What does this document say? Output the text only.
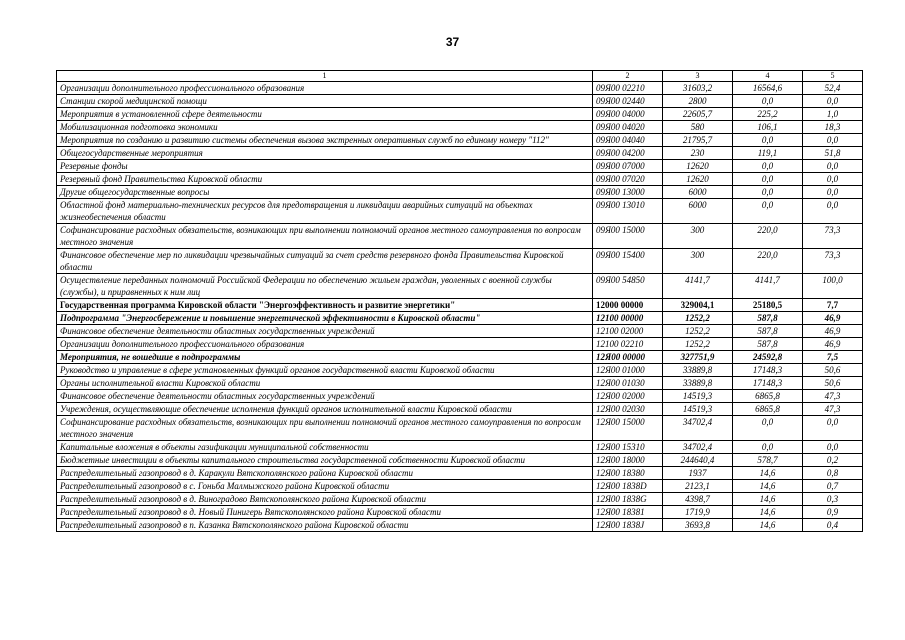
37
1	2	3	4	5
Организации дополнительного профессионального образования	09Я00 02210	31603,2	16564,6	52,4
Станции скорой медицинской помощи	09Я00 02440	2800	0,0	0,0
Мероприятия в установленной сфере деятельности	09Я00 04000	22605,7	225,2	1,0
Мобилизационная подготовка экономики	09Я00 04020	580	106,1	18,3
Мероприятия по созданию и развитию системы обеспечения вызова экстренных оперативных служб по единому номеру "112"	09Я00 04040	21795,7	0,0	0,0
Общегосударственные мероприятия	09Я00 04200	230	119,1	51,8
Резервные фонды	09Я00 07000	12620	0,0	0,0
Резервный фонд Правительства Кировской области	09Я00 07020	12620	0,0	0,0
Другие общегосударственные вопросы	09Я00 13000	6000	0,0	0,0
Областной фонд материально-технических ресурсов для предотвращения и ликвидации аварийных ситуаций на объектах жизнеобеспечения области	09Я00 13010	6000	0,0	0,0
Софинансирование расходных обязательств, возникающих при выполнении полномочий органов местного самоуправления по вопросам местного значения	09Я00 15000	300	220,0	73,3
Финансовое обеспечение мер по ликвидации чрезвычайных ситуаций за счет средств резервного фонда Правительства Кировской области	09Я00 15400	300	220,0	73,3
Осуществление переданных полномочий Российской Федерации по обеспечению жильем граждан, уволенных с военной службы (службы), и приравненных к ним лиц	09Я00 54850	4141,7	4141,7	100,0
Государственная программа Кировской области "Энергоэффективность и развитие энергетики"	12000 00000	329004,1	25180,5	7,7
Подпрограмма "Энергосбережение и повышение энергетической эффективности в Кировской области"	12100 00000	1252,2	587,8	46,9
Финансовое обеспечение деятельности областных государственных учреждений	12100 02000	1252,2	587,8	46,9
Организации дополнительного профессионального образования	12100 02210	1252,2	587,8	46,9
Мероприятия, не вошедшие в подпрограммы	12Я00 00000	327751,9	24592,8	7,5
Руководство и управление в сфере установленных функций органов государственной власти Кировской области	12Я00 01000	33889,8	17148,3	50,6
Органы исполнительной власти Кировской области	12Я00 01030	33889,8	17148,3	50,6
Финансовое обеспечение деятельности областных государственных учреждений	12Я00 02000	14519,3	6865,8	47,3
Учреждения, осуществляющие обеспечение исполнения функций органов исполнительной власти Кировской области	12Я00 02030	14519,3	6865,8	47,3
Софинансирование расходных обязательств, возникающих при выполнении полномочий органов местного самоуправления по вопросам местного значения	12Я00 15000	34702,4	0,0	0,0
Капитальные вложения в объекты газификации муниципальной собственности	12Я00 15310	34702,4	0,0	0,0
Бюджетные инвестиции в объекты капитального строительства государственной собственности Кировской области	12Я00 18000	244640,4	578,7	0,2
Распределительный газопровод в д. Каракули Вятскополянского района Кировской области	12Я00 18380	1937	14,6	0,8
Распределительный газопровод в с. Гоньба Малмыжского района Кировской области	12Я00 1838D	2123,1	14,6	0,7
Распределительный газопровод в д. Виноградово Вятскополянского района Кировской области	12Я00 1838G	4398,7	14,6	0,3
Распределительный газопровод в д. Новый Пинигерь Вятскополянского района Кировской области	12Я00 18381	1719,9	14,6	0,9
Распределительный газопровод в п. Казанка Вятскополянского района Кировской области	12Я00 1838J	3693,8	14,6	0,4
